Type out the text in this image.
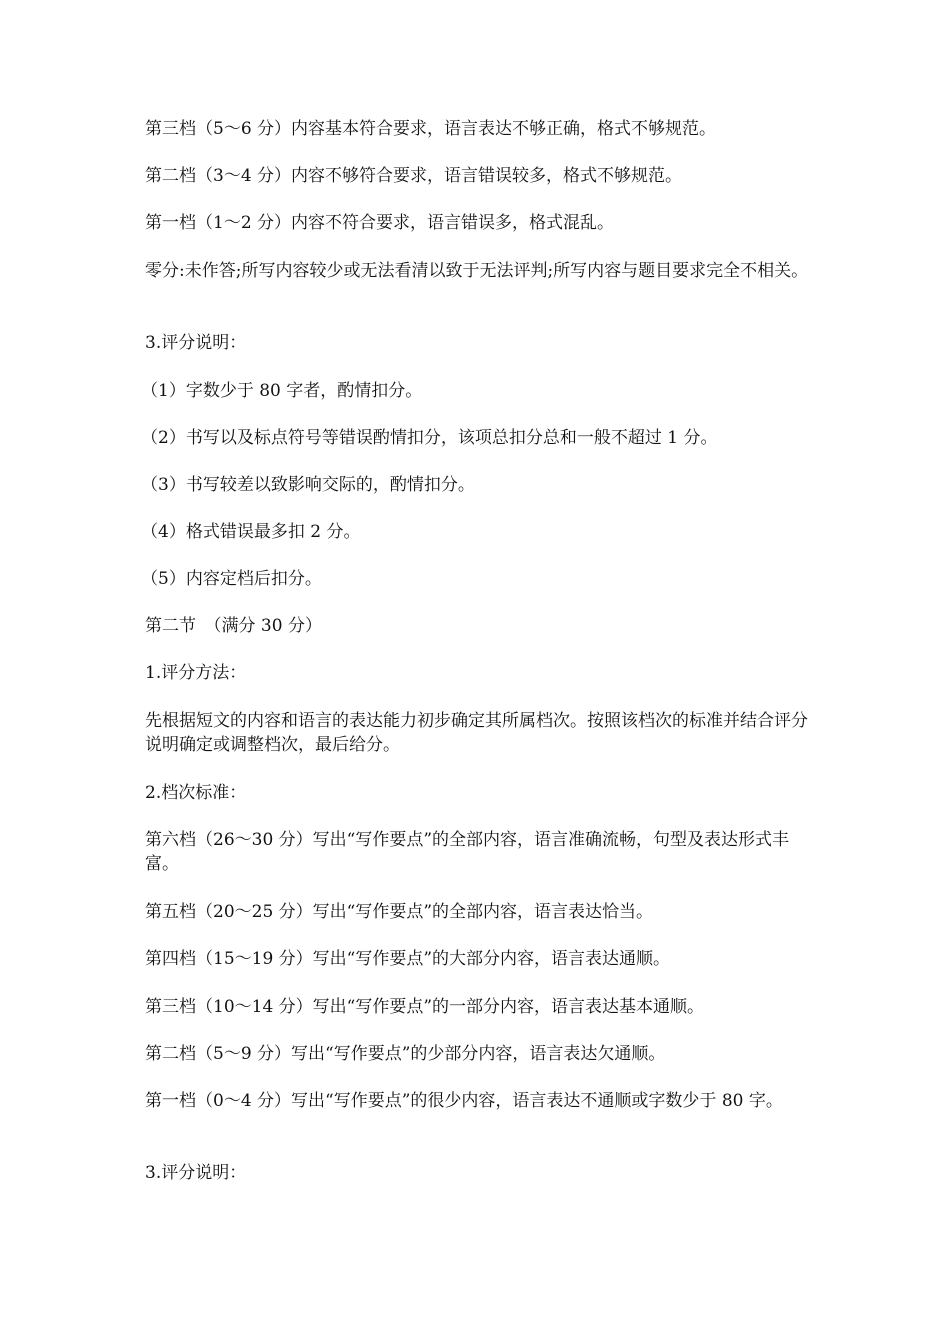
第三档（5～6 分）内容基本符合要求，语言表达不够正确，格式不够规范。

第二档（3～4 分）内容不够符合要求，语言错误较多，格式不够规范。

第一档（1～2 分）内容不符合要求，语言错误多，格式混乱。

零分:未作答;所写内容较少或无法看清以致于无法评判;所写内容与题目要求完全不相关。

3.评分说明：

（1）字数少于 80 字者，酌情扣分。

（2）书写以及标点符号等错误酌情扣分，该项总扣分总和一般不超过 1 分。

（3）书写较差以致影响交际的，酌情扣分。

（4）格式错误最多扣 2 分。

（5）内容定档后扣分。

第二节　（满分 30 分）

1.评分方法：

先根据短文的内容和语言的表达能力初步确定其所属档次。按照该档次的标准并结合评分说明确定或调整档次，最后给分。

2.档次标准：

第六档（26～30 分）写出“写作要点”的全部内容，语言准确流畅，句型及表达形式丰富。

第五档（20～25 分）写出“写作要点”的全部内容，语言表达恰当。

第四档（15～19 分）写出“写作要点”的大部分内容，语言表达通顺。

第三档（10～14 分）写出“写作要点”的一部分内容，语言表达基本通顺。

第二档（5～9 分）写出“写作要点”的少部分内容，语言表达欠通顺。

第一档（0～4 分）写出“写作要点”的很少内容，语言表达不通顺或字数少于 80 字。

3.评分说明：
